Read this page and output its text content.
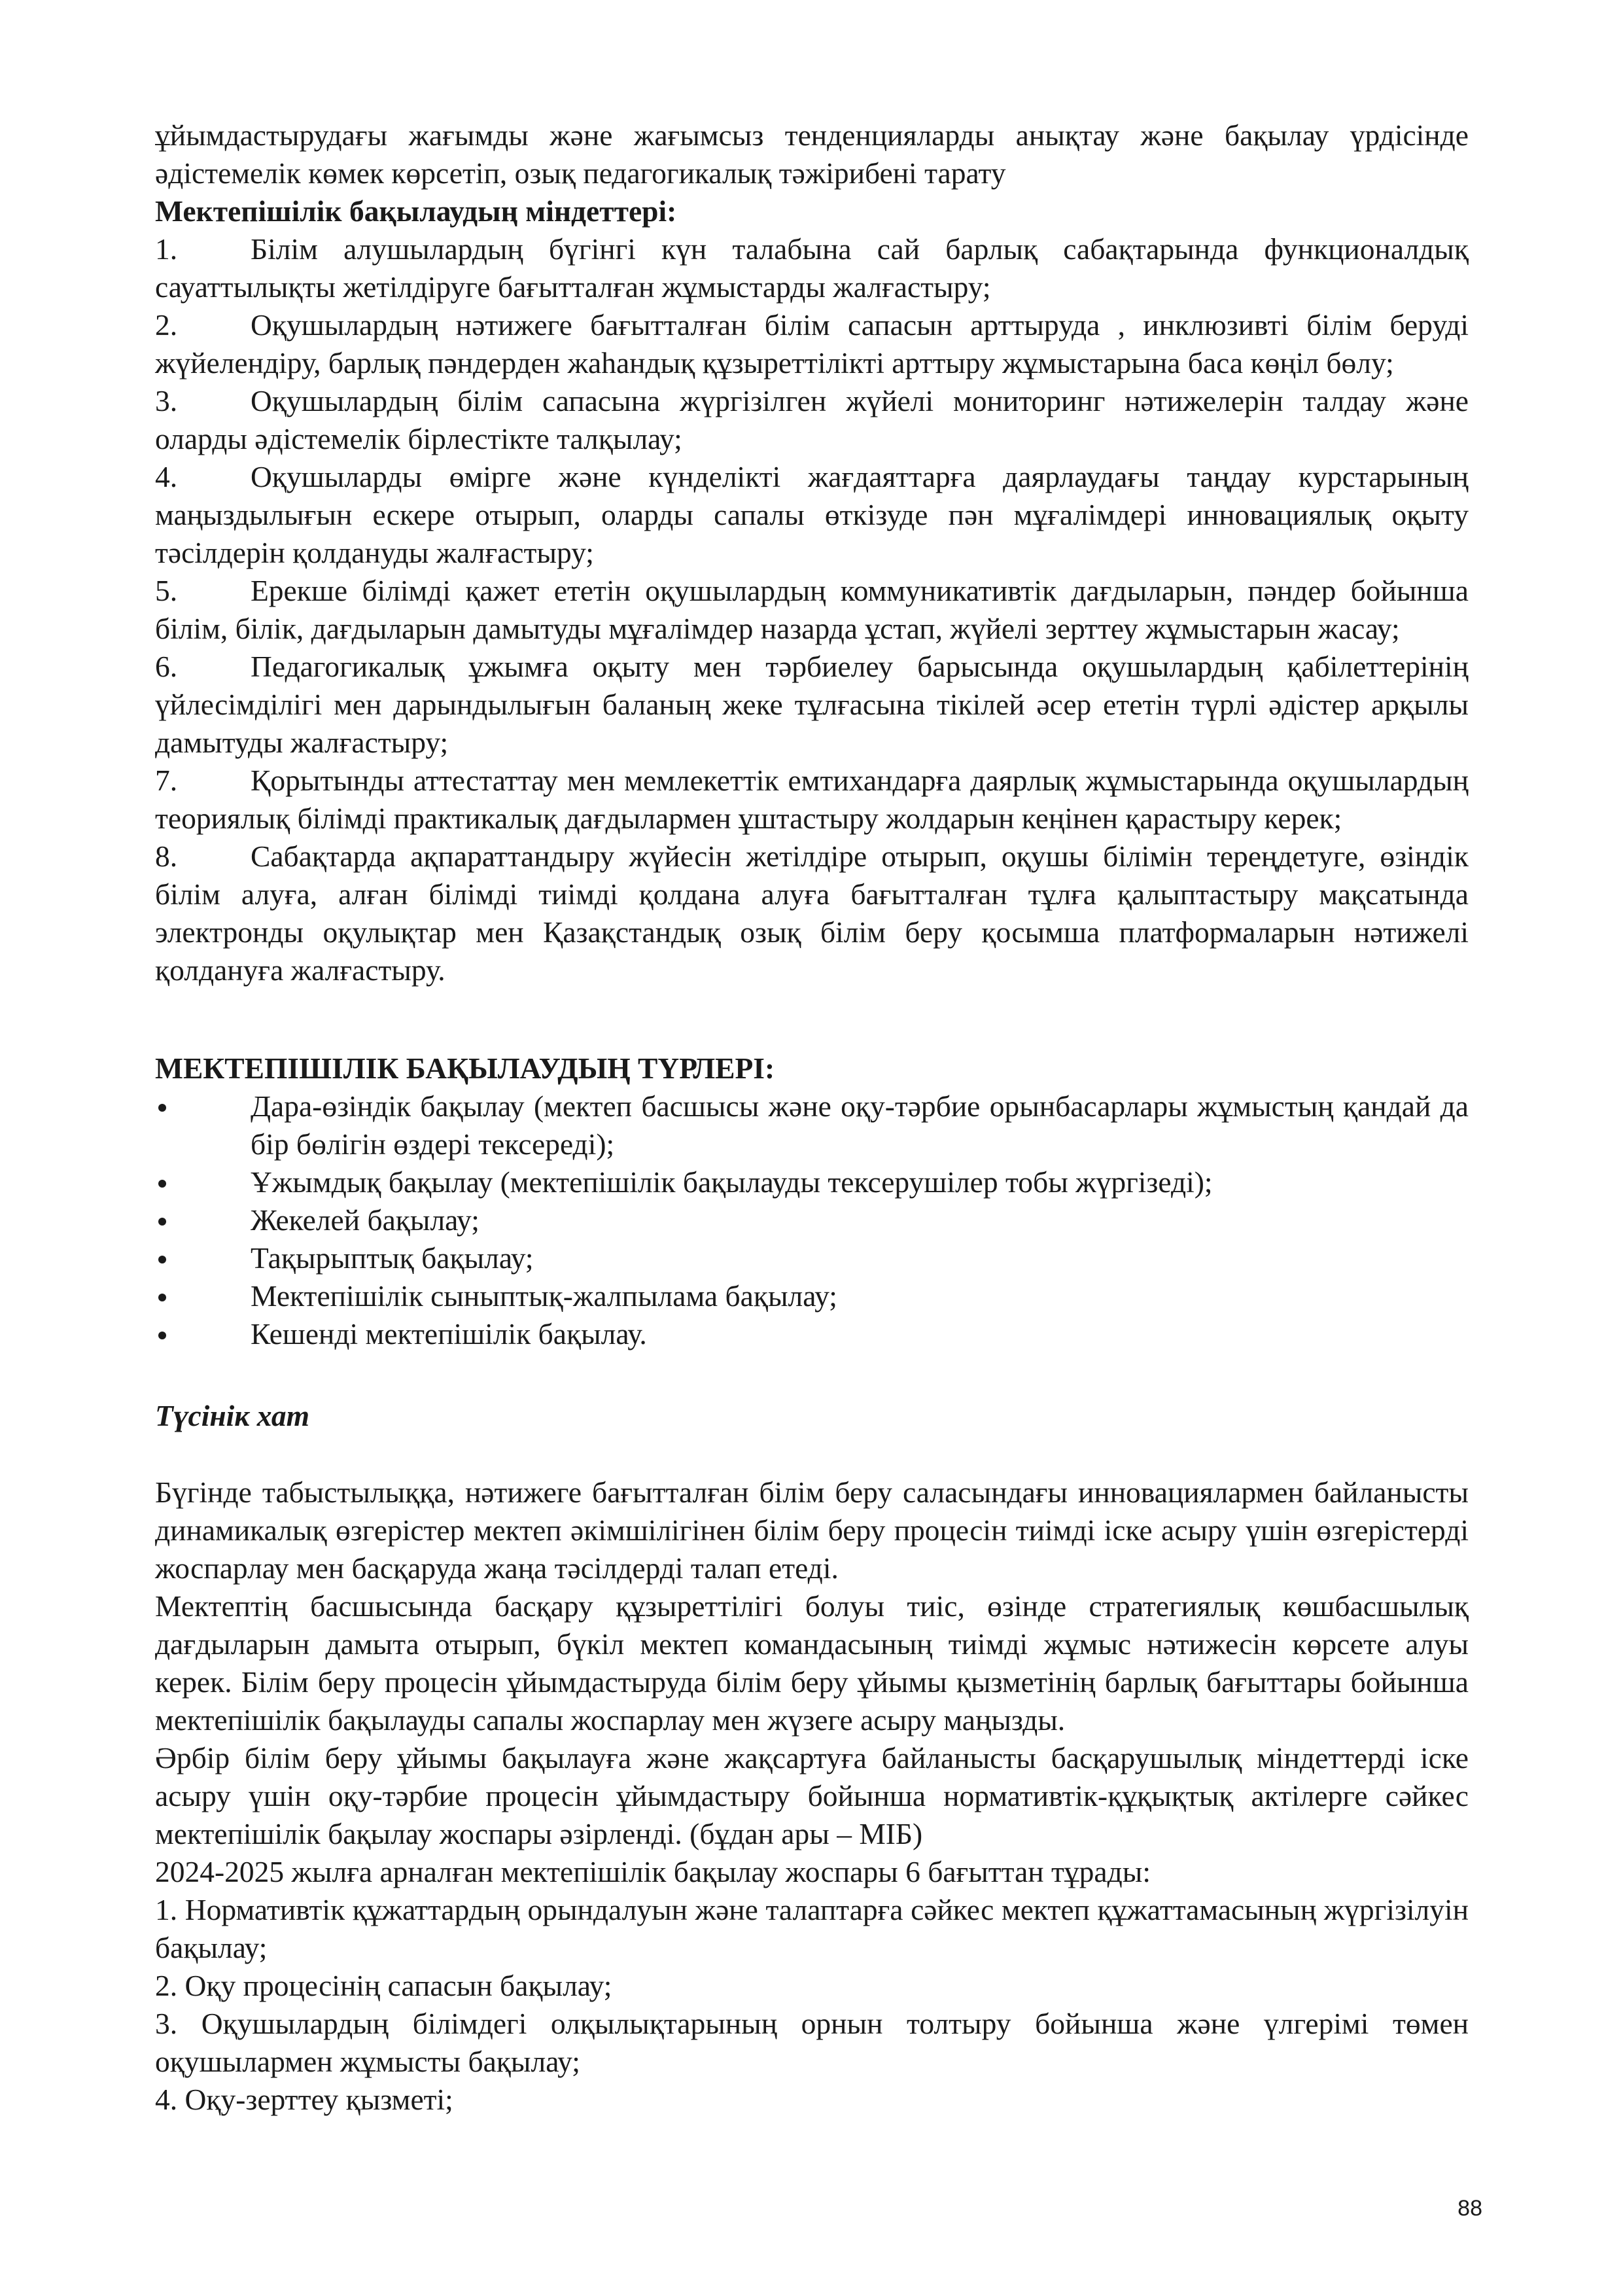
ұйымдастырудағы жағымды және жағымсыз тенденцияларды анықтау және бақылау үрдісінде әдістемелік көмек көрсетіп, озық педагогикалық тәжірибені тарату

Мектепішілік бақылаудың міндеттері:

1. Білім алушылардың бүгінгі күн талабына сай барлық сабақтарында функционалдық сауаттылықты жетілдіруге бағытталған жұмыстарды жалғастыру;

2. Оқушылардың нәтижеге бағытталған білім сапасын арттыруда , инклюзивті білім беруді жүйелендіру, барлық пәндерден жаһандық құзыреттілікті арттыру жұмыстарына баса көңіл бөлу;

3. Оқушылардың білім сапасына жүргізілген жүйелі мониторинг нәтижелерін талдау және оларды әдістемелік бірлестікте талқылау;

4. Оқушыларды өмірге және күнделікті жағдаяттарға даярлаудағы таңдау курстарының маңыздылығын ескере отырып, оларды сапалы өткізуде пән мұғалімдері инновациялық оқыту тәсілдерін қолдануды жалғастыру;

5. Ерекше білімді қажет ететін оқушылардың коммуникативтік дағдыларын, пәндер бойынша білім, білік, дағдыларын дамытуды мұғалімдер назарда ұстап, жүйелі зерттеу жұмыстарын жасау;

6. Педагогикалық ұжымға оқыту мен тәрбиелеу барысында оқушылардың қабілеттерінің үйлесімділігі мен дарындылығын баланың жеке тұлғасына тікілей әсер ететін түрлі әдістер арқылы дамытуды жалғастыру;

7. Қорытынды аттестаттау мен мемлекеттік емтихандарға даярлық жұмыстарында оқушылардың теориялық білімді практикалық дағдылармен ұштастыру жолдарын кеңінен қарастыру керек;

8. Сабақтарда ақпараттандыру жүйесін жетілдіре отырып, оқушы білімін тереңдетуге, өзіндік білім алуға, алған білімді тиімді қолдана алуға бағытталған тұлға қалыптастыру мақсатында электронды оқулықтар мен Қазақстандық озық білім беру қосымша платформаларын нәтижелі қолдануға жалғастыру.

МЕКТЕПІШІЛІК БАҚЫЛАУДЫҢ ТҮРЛЕРІ:

Дара-өзіндік бақылау (мектеп басшысы және оқу-тәрбие орынбасарлары жұмыстың қандай да бір бөлігін өздері тексереді);
Ұжымдық бақылау (мектепішілік бақылауды тексерушілер тобы жүргізеді);
Жекелей бақылау;
Тақырыптық бақылау;
Мектепішілік сыныптық-жалпылама бақылау;
Кешенді мектепішілік бақылау.

Түсінік хат

Бүгінде табыстылыққа, нәтижеге бағытталған білім беру саласындағы инновациялармен байланысты динамикалық өзгерістер мектеп әкімшілігінен білім беру процесін тиімді іске асыру үшін өзгерістерді жоспарлау мен басқаруда жаңа тәсілдерді талап етеді.

Мектептің басшысында басқару құзыреттілігі болуы тиіс, өзінде стратегиялық көшбасшылық дағдыларын дамыта отырып, бүкіл мектеп командасының тиімді жұмыс нәтижесін көрсете алуы керек. Білім беру процесін ұйымдастыруда білім беру ұйымы қызметінің барлық бағыттары бойынша мектепішілік бақылауды сапалы жоспарлау мен жүзеге асыру маңызды.

Әрбір білім беру ұйымы бақылауға және жақсартуға байланысты басқарушылық міндеттерді іске асыру үшін оқу-тәрбие процесін ұйымдастыру бойынша нормативтік-құқықтық актілерге сәйкес мектепішілік бақылау жоспары әзірленді. (бұдан ары – МІБ)

2024-2025 жылға арналған мектепішілік бақылау жоспары 6 бағыттан тұрады:

1. Нормативтік құжаттардың орындалуын және талаптарға сәйкес мектеп құжаттамасының жүргізілуін бақылау;

2. Оқу процесінің сапасын бақылау;

3. Оқушылардың білімдегі олқылықтарының орнын толтыру бойынша және үлгерімі төмен оқушылармен жұмысты бақылау;

4. Оқу-зерттеу қызметі;

88
